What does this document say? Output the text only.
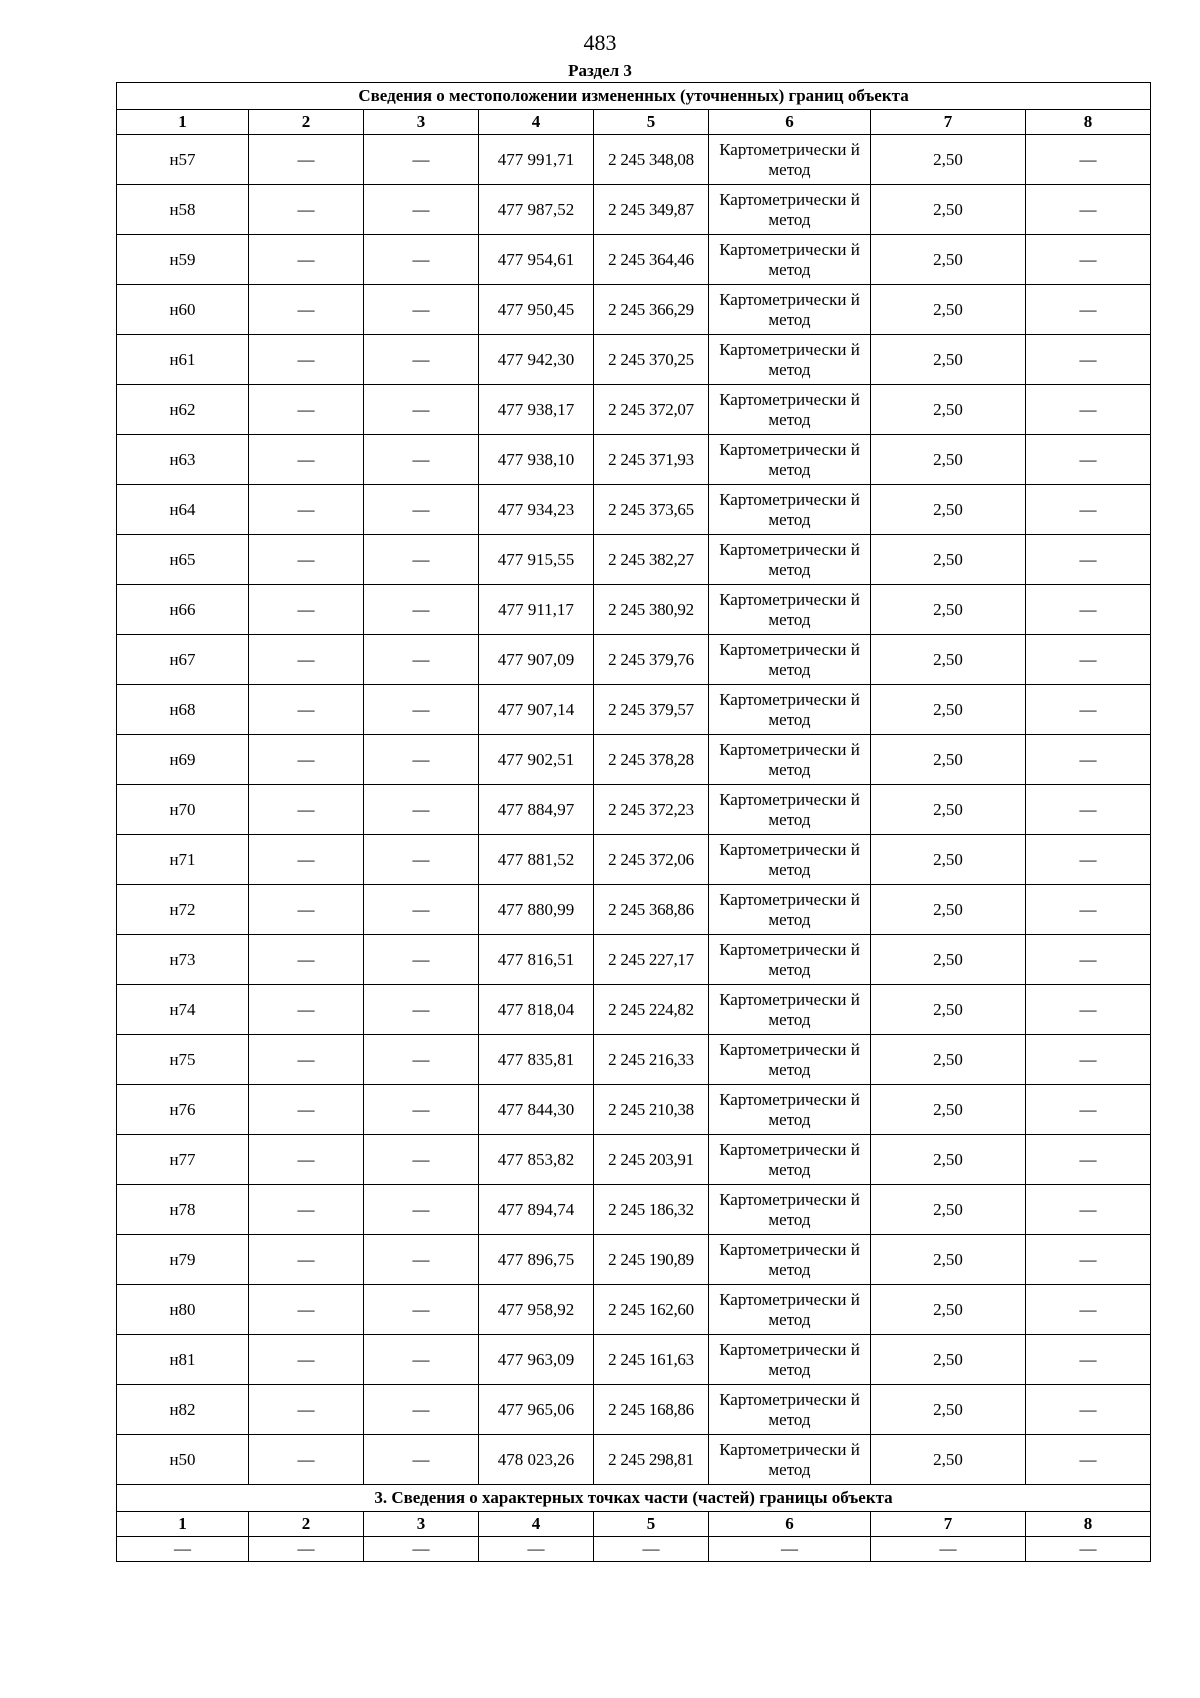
483
Раздел 3
Сведения о местоположении измененных (уточненных) границ объекта							
1	2	3	4	5	6	7	8
н57	—	—	477 991,71	2 245 348,08	Картометрически й метод	2,50	—
н58	—	—	477 987,52	2 245 349,87	Картометрически й метод	2,50	—
н59	—	—	477 954,61	2 245 364,46	Картометрически й метод	2,50	—
н60	—	—	477 950,45	2 245 366,29	Картометрически й метод	2,50	—
н61	—	—	477 942,30	2 245 370,25	Картометрически й метод	2,50	—
н62	—	—	477 938,17	2 245 372,07	Картометрически й метод	2,50	—
н63	—	—	477 938,10	2 245 371,93	Картометрически й метод	2,50	—
н64	—	—	477 934,23	2 245 373,65	Картометрически й метод	2,50	—
н65	—	—	477 915,55	2 245 382,27	Картометрически й метод	2,50	—
н66	—	—	477 911,17	2 245 380,92	Картометрически й метод	2,50	—
н67	—	—	477 907,09	2 245 379,76	Картометрически й метод	2,50	—
н68	—	—	477 907,14	2 245 379,57	Картометрически й метод	2,50	—
н69	—	—	477 902,51	2 245 378,28	Картометрически й метод	2,50	—
н70	—	—	477 884,97	2 245 372,23	Картометрически й метод	2,50	—
н71	—	—	477 881,52	2 245 372,06	Картометрически й метод	2,50	—
н72	—	—	477 880,99	2 245 368,86	Картометрически й метод	2,50	—
н73	—	—	477 816,51	2 245 227,17	Картометрически й метод	2,50	—
н74	—	—	477 818,04	2 245 224,82	Картометрически й метод	2,50	—
н75	—	—	477 835,81	2 245 216,33	Картометрически й метод	2,50	—
н76	—	—	477 844,30	2 245 210,38	Картометрически й метод	2,50	—
н77	—	—	477 853,82	2 245 203,91	Картометрически й метод	2,50	—
н78	—	—	477 894,74	2 245 186,32	Картометрически й метод	2,50	—
н79	—	—	477 896,75	2 245 190,89	Картометрически й метод	2,50	—
н80	—	—	477 958,92	2 245 162,60	Картометрически й метод	2,50	—
н81	—	—	477 963,09	2 245 161,63	Картометрически й метод	2,50	—
н82	—	—	477 965,06	2 245 168,86	Картометрически й метод	2,50	—
н50	—	—	478 023,26	2 245 298,81	Картометрически й метод	2,50	—
3. Сведения о характерных точках части (частей) границы объекта							
1	2	3	4	5	6	7	8
—	—	—	—	—	—	—	—
